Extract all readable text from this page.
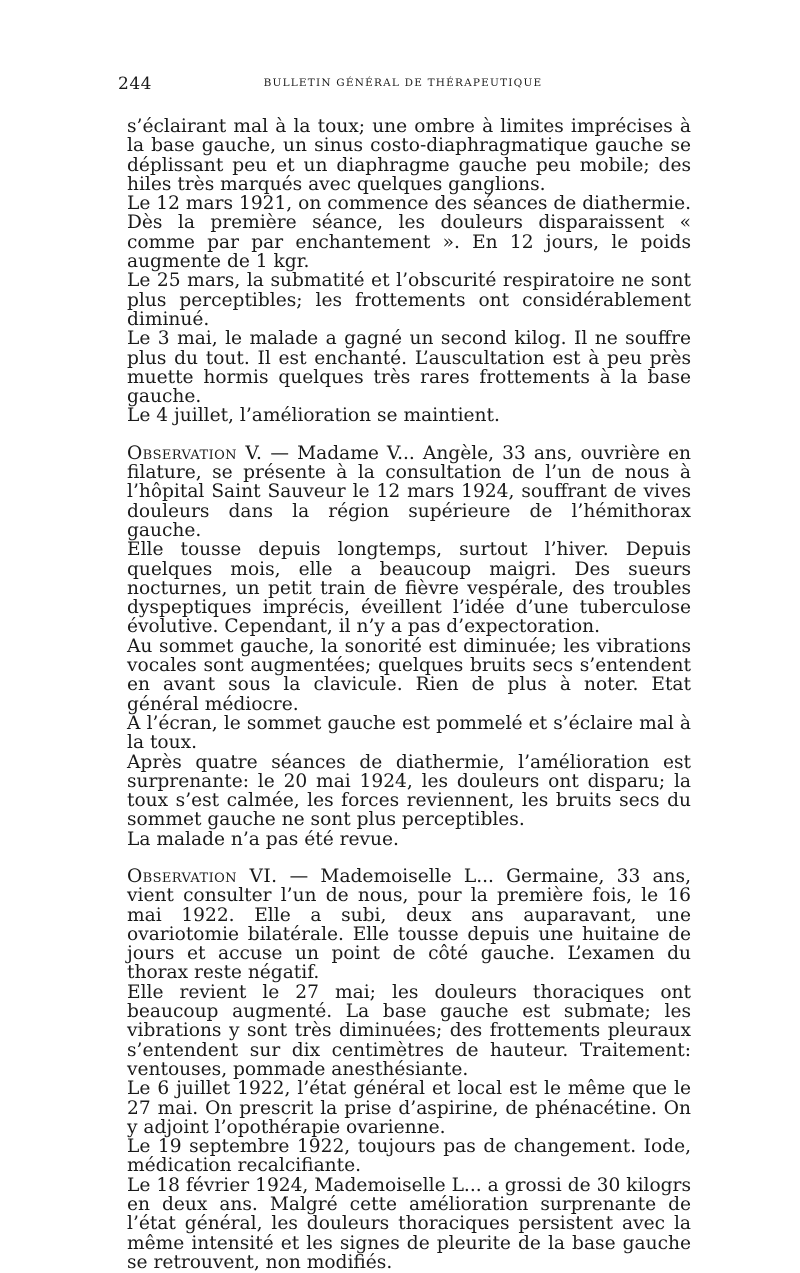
244	BULLETIN GÉNÉRAL DE THÉRAPEUTIQUE

s’éclairant mal à la toux; une ombre à limites imprécises à la base gauche, un sinus costo-diaphragmatique gauche se déplissant peu et un diaphragme gauche peu mobile; des hiles très marqués avec quelques ganglions.

Le 12 mars 1921, on commence des séances de diathermie. Dès la première séance, les douleurs disparaissent « comme par par enchantement ». En 12 jours, le poids augmente de 1 kgr.

Le 25 mars, la submatité et l’obscurité respiratoire ne sont plus perceptibles; les frottements ont considérablement diminué.

Le 3 mai, le malade a gagné un second kilog. Il ne souffre plus du tout. Il est enchanté. L’auscultation est à peu près muette hormis quelques très rares frottements à la base gauche.

Le 4 juillet, l’amélioration se maintient.

Observation V. — Madame V... Angèle, 33 ans, ouvrière en filature, se présente à la consultation de l’un de nous à l’hôpital Saint Sauveur le 12 mars 1924, souffrant de vives douleurs dans la région supérieure de l’hémithorax gauche.

Elle tousse depuis longtemps, surtout l’hiver. Depuis quelques mois, elle a beaucoup maigri. Des sueurs nocturnes, un petit train de fièvre vespérale, des troubles dyspeptiques imprécis, éveillent l’idée d’une tuberculose évolutive. Cependant, il n’y a pas d’expectoration.

Au sommet gauche, la sonorité est diminuée; les vibrations vocales sont augmentées; quelques bruits secs s’entendent en avant sous la clavicule. Rien de plus à noter. Etat général médiocre.

A l’écran, le sommet gauche est pommelé et s’éclaire mal à la toux.

Après quatre séances de diathermie, l’amélioration est surprenante: le 20 mai 1924, les douleurs ont disparu; la toux s’est calmée, les forces reviennent, les bruits secs du sommet gauche ne sont plus perceptibles.

La malade n’a pas été revue.

Observation VI. — Mademoiselle L... Germaine, 33 ans, vient consulter l’un de nous, pour la première fois, le 16 mai 1922. Elle a subi, deux ans auparavant, une ovariotomie bilatérale. Elle tousse depuis une huitaine de jours et accuse un point de côté gauche. L’examen du thorax reste négatif.

Elle revient le 27 mai; les douleurs thoraciques ont beaucoup augmenté. La base gauche est submate; les vibrations y sont très diminuées; des frottements pleuraux s’entendent sur dix centimètres de hauteur. Traitement: ventouses, pommade anesthésiante.

Le 6 juillet 1922, l’état général et local est le même que le 27 mai. On prescrit la prise d’aspirine, de phénacétine. On y adjoint l’opothérapie ovarienne.

Le 19 septembre 1922, toujours pas de changement. Iode, médication recalcifiante.

Le 18 février 1924, Mademoiselle L... a grossi de 30 kilogrs en deux ans. Malgré cette amélioration surprenante de l’état général, les douleurs thoraciques persistent avec la même intensité et les signes de pleurite de la base gauche se retrouvent, non modifiés.
